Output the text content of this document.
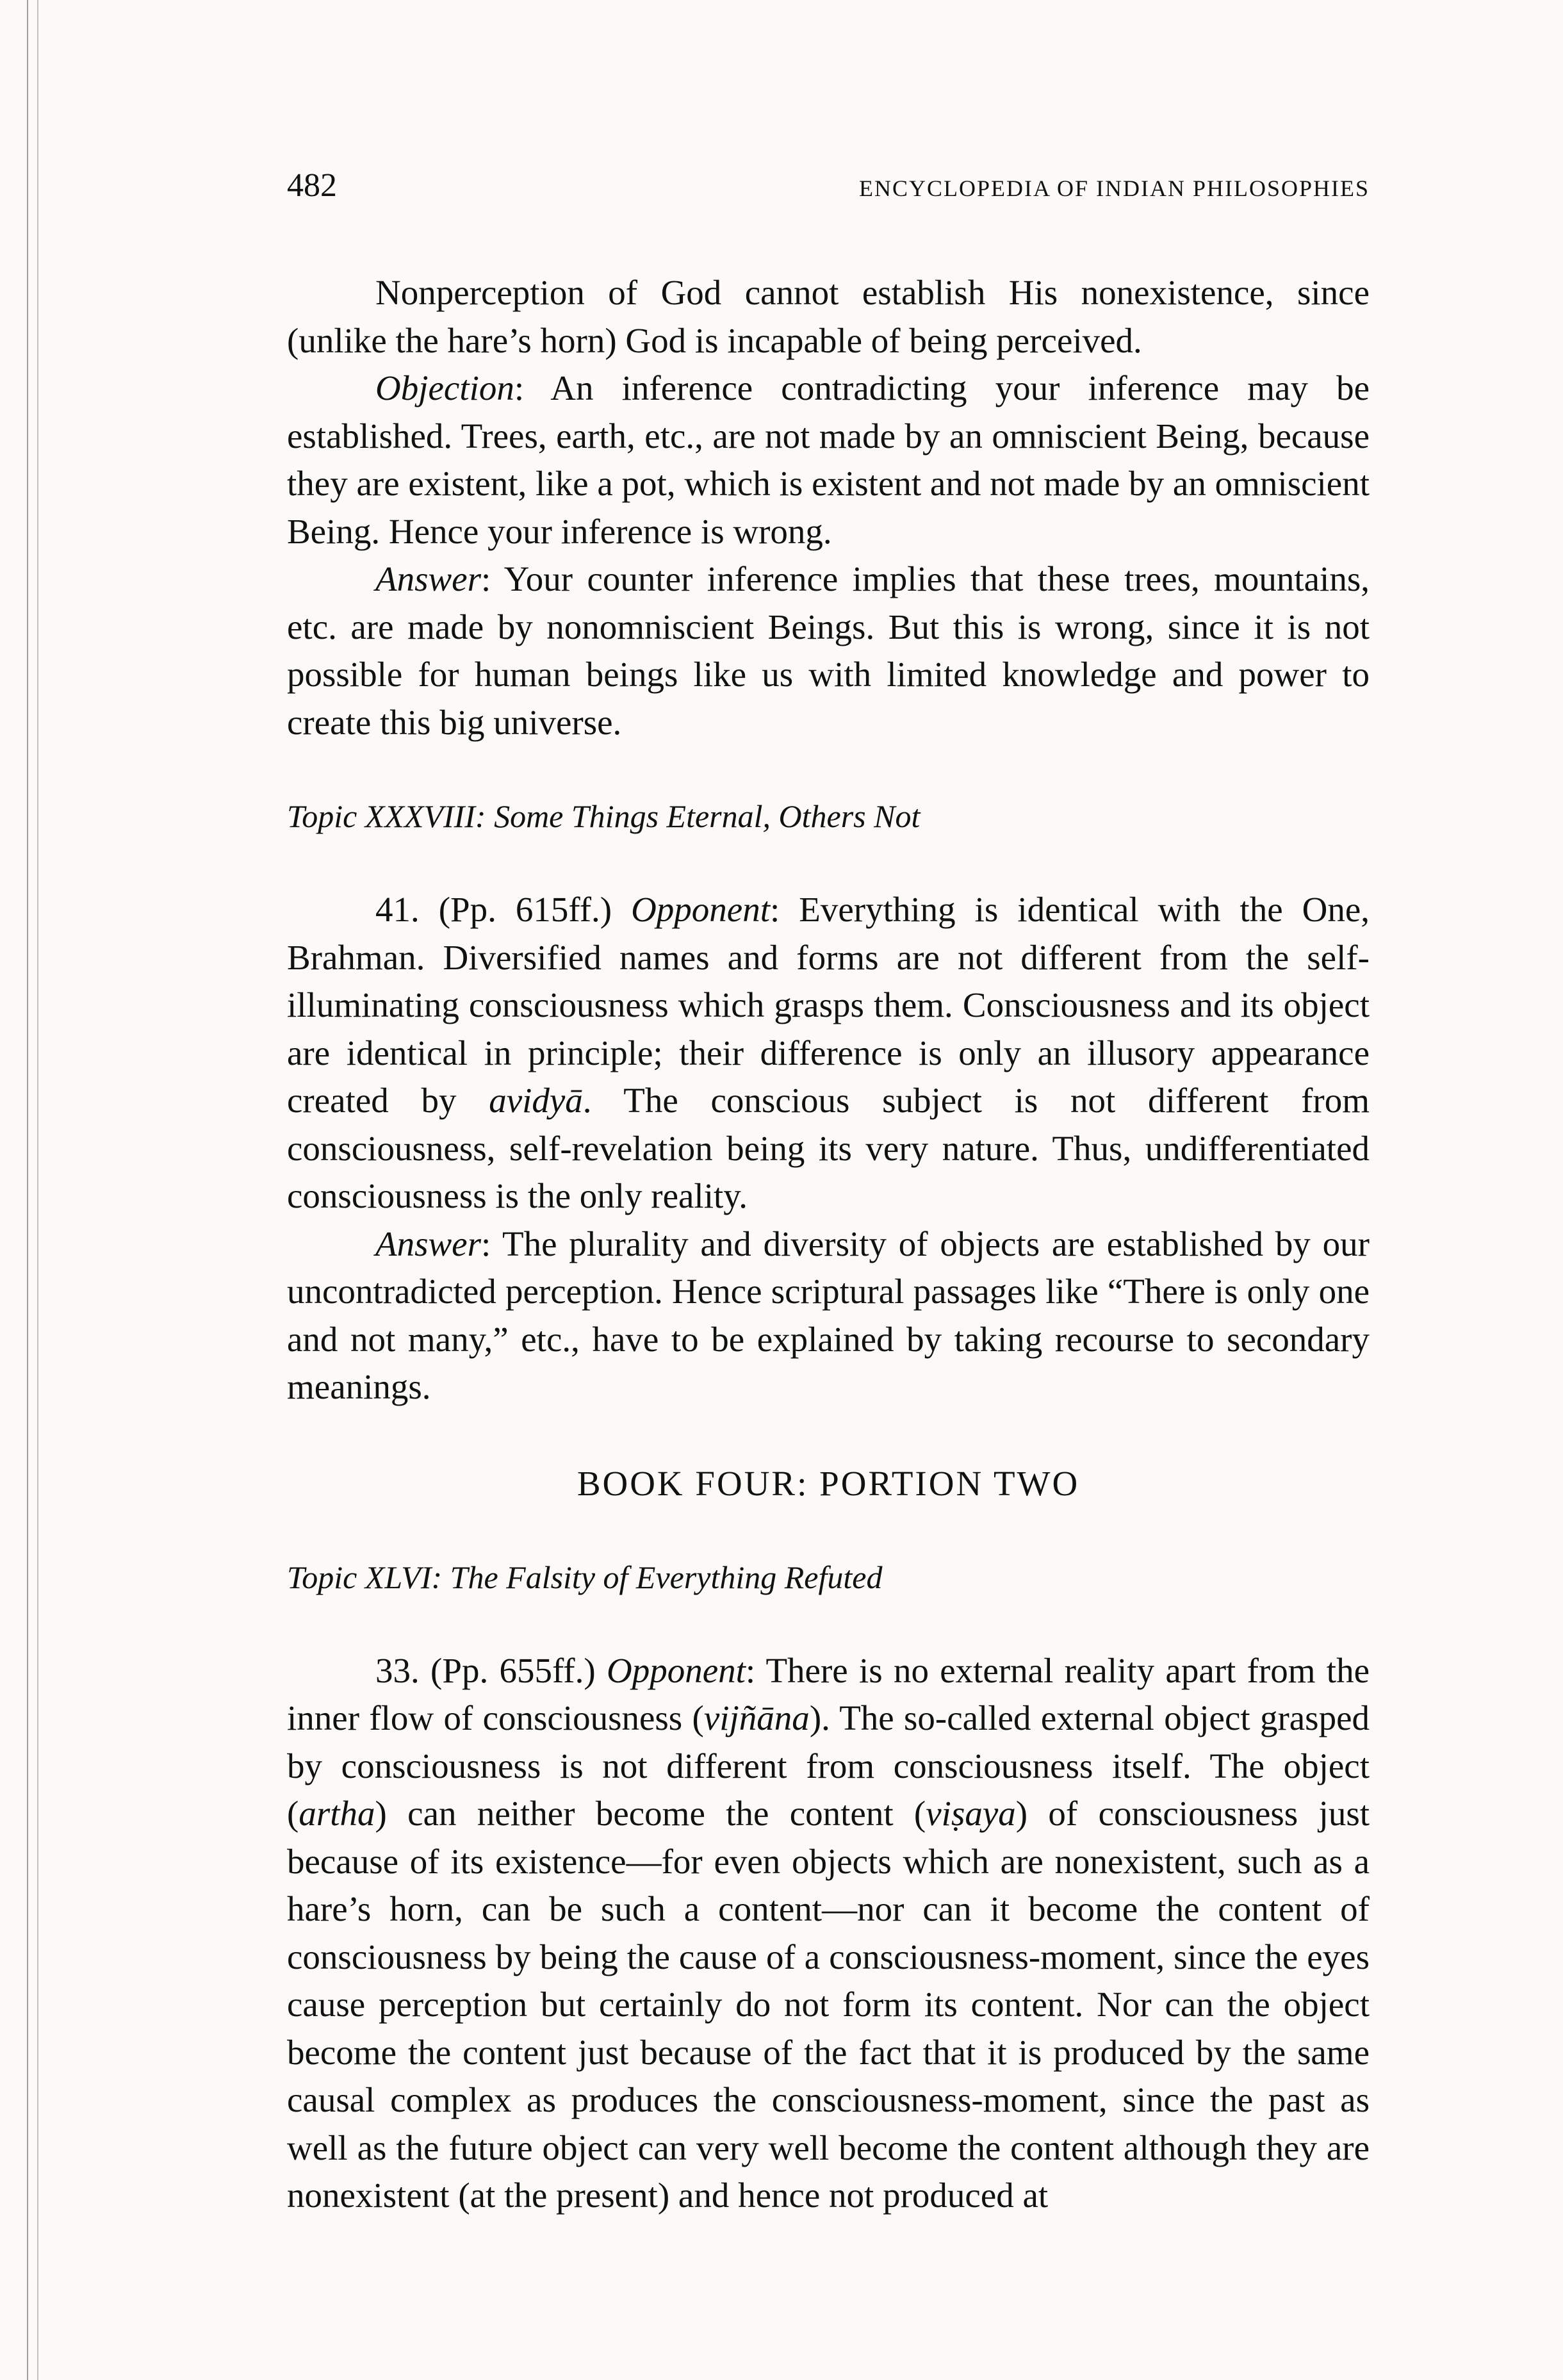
482	ENCYCLOPEDIA OF INDIAN PHILOSOPHIES

Nonperception of God cannot establish His nonexistence, since (unlike the hare’s horn) God is incapable of being perceived.

Objection: An inference contradicting your inference may be established. Trees, earth, etc., are not made by an omniscient Being, because they are existent, like a pot, which is existent and not made by an omniscient Being. Hence your inference is wrong.

Answer: Your counter inference implies that these trees, mountains, etc. are made by nonomniscient Beings. But this is wrong, since it is not possible for human beings like us with limited knowledge and power to create this big universe.

Topic XXXVIII: Some Things Eternal, Others Not

41. (Pp. 615ff.) Opponent: Everything is identical with the One, Brahman. Diversified names and forms are not different from the self-illuminating consciousness which grasps them. Consciousness and its object are identical in principle; their difference is only an illusory appearance created by avidyā. The conscious subject is not different from consciousness, self-revelation being its very nature. Thus, undifferentiated consciousness is the only reality.

Answer: The plurality and diversity of objects are established by our uncontradicted perception. Hence scriptural passages like “There is only one and not many,” etc., have to be explained by taking recourse to secondary meanings.

BOOK FOUR: PORTION TWO
Topic XLVI: The Falsity of Everything Refuted

33. (Pp. 655ff.) Opponent: There is no external reality apart from the inner flow of consciousness (vijñāna). The so-called external object grasped by consciousness is not different from consciousness itself. The object (artha) can neither become the content (viṣaya) of consciousness just because of its existence—for even objects which are nonexistent, such as a hare’s horn, can be such a content—nor can it become the content of consciousness by being the cause of a consciousness-moment, since the eyes cause perception but certainly do not form its content. Nor can the object become the content just because of the fact that it is produced by the same causal complex as produces the consciousness-moment, since the past as well as the future object can very well become the content although they are nonexistent (at the present) and hence not produced at
